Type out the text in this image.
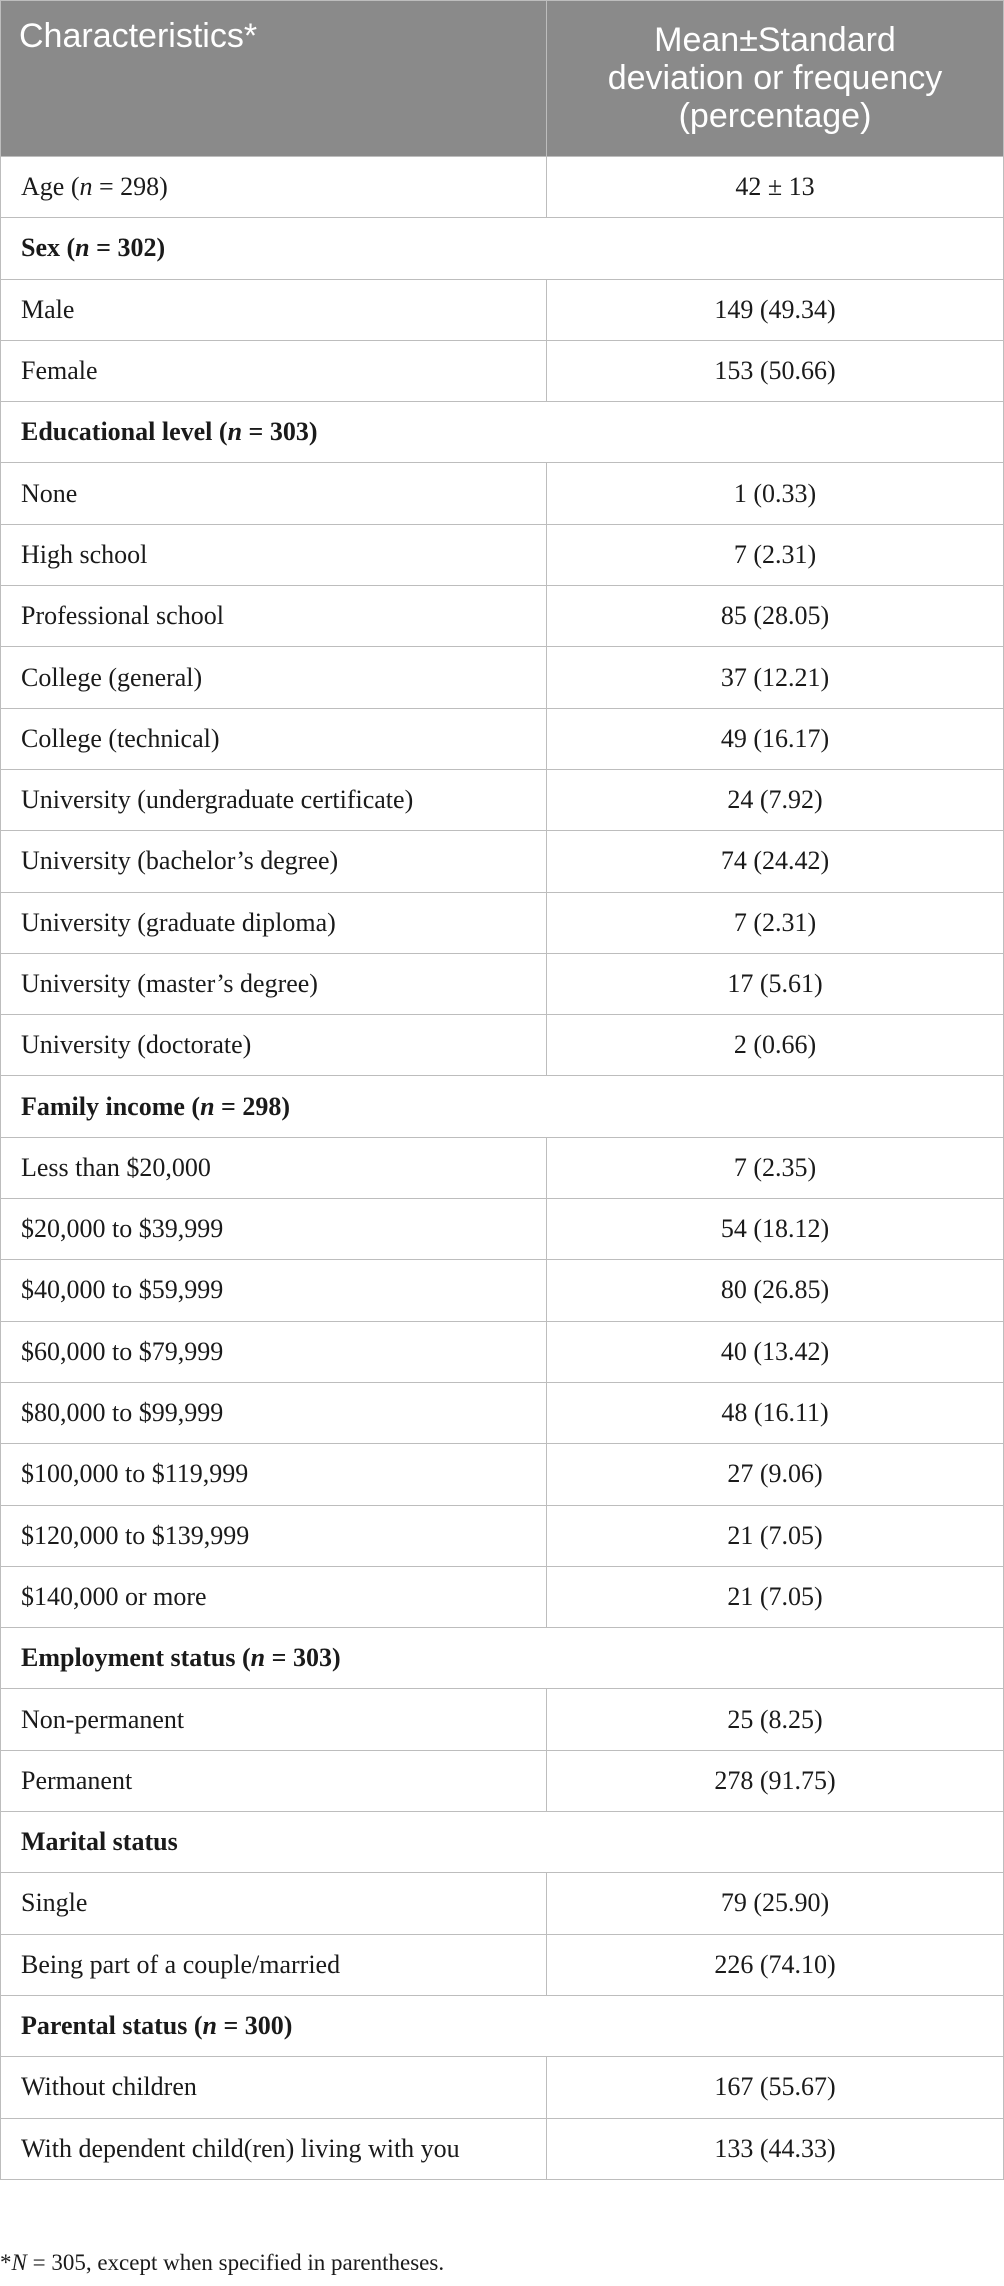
Characteristics*	Mean±Standard
deviation or frequency
(percentage)
Age (n = 298)	42 ± 13
Sex (n = 302)	
Male	149 (49.34)
Female	153 (50.66)
Educational level (n = 303)	
None	1 (0.33)
High school	7 (2.31)
Professional school	85 (28.05)
College (general)	37 (12.21)
College (technical)	49 (16.17)
University (undergraduate certificate)	24 (7.92)
University (bachelor’s degree)	74 (24.42)
University (graduate diploma)	7 (2.31)
University (master’s degree)	17 (5.61)
University (doctorate)	2 (0.66)
Family income (n = 298)	
Less than $20,000	7 (2.35)
$20,000 to $39,999	54 (18.12)
$40,000 to $59,999	80 (26.85)
$60,000 to $79,999	40 (13.42)
$80,000 to $99,999	48 (16.11)
$100,000 to $119,999	27 (9.06)
$120,000 to $139,999	21 (7.05)
$140,000 or more	21 (7.05)
Employment status (n = 303)	
Non-permanent	25 (8.25)
Permanent	278 (91.75)
Marital status	
Single	79 (25.90)
Being part of a couple/married	226 (74.10)
Parental status (n = 300)	
Without children	167 (55.67)
With dependent child(ren) living with you	133 (44.33)
*N = 305, except when specified in parentheses.
